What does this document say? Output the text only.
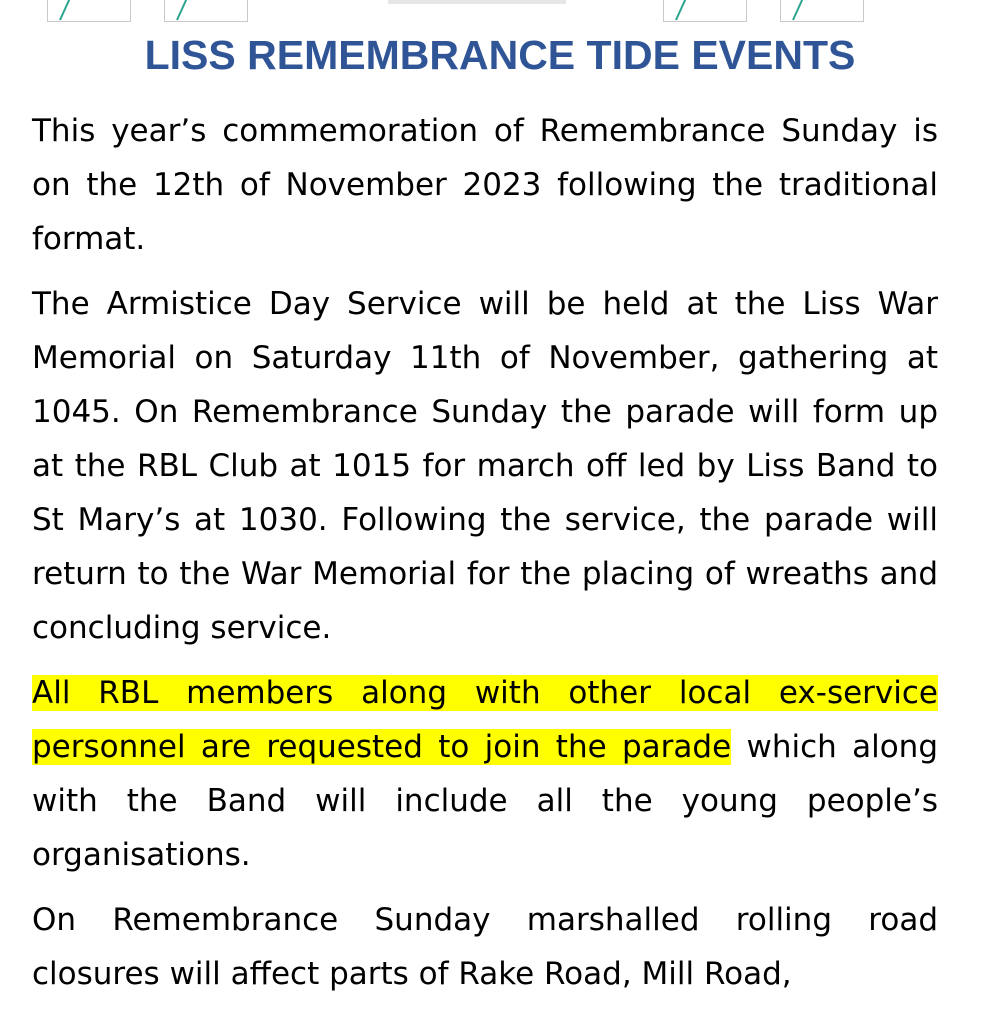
LISS REMEMBRANCE TIDE EVENTS

This year’s commemoration of Remembrance Sunday is on the 12th of November 2023 following the traditional format.

The Armistice Day Service will be held at the Liss War Memorial on Saturday 11th of November, gathering at 1045. On Remembrance Sunday the parade will form up at the RBL Club at 1015 for march off led by Liss Band to St Mary’s at 1030. Following the service, the parade will return to the War Memorial for the placing of wreaths and concluding service.

All RBL members along with other local ex-service personnel are requested to join the parade which along with the Band will include all the young people’s organisations.

On Remembrance Sunday marshalled rolling road closures will affect parts of Rake Road, Mill Road,
